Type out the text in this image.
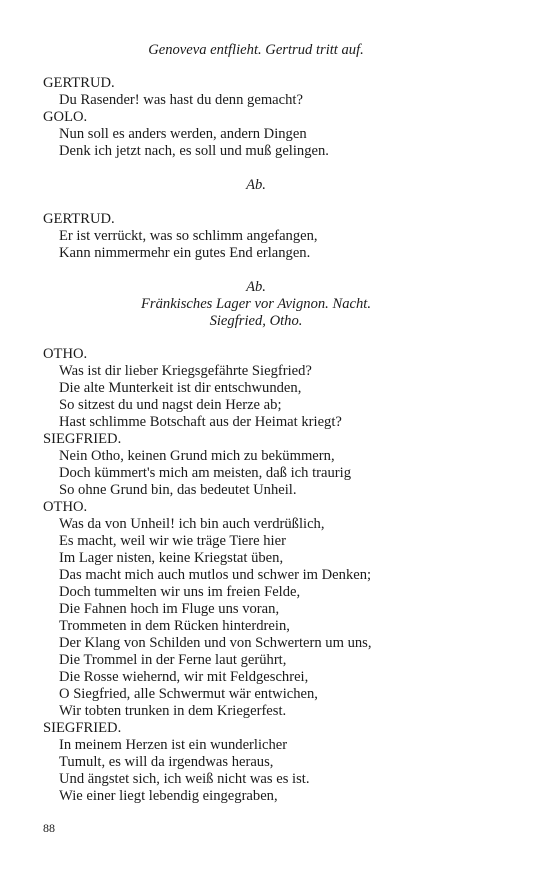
Genoveva entflieht. Gertrud tritt auf.
GERTRUD.
Du Rasender! was hast du denn gemacht?
GOLO.
Nun soll es anders werden, andern Dingen
Denk ich jetzt nach, es soll und muß gelingen.
Ab.
GERTRUD.
Er ist verrückt, was so schlimm angefangen,
Kann nimmermehr ein gutes End erlangen.
Ab.
Fränkisches Lager vor Avignon. Nacht.
Siegfried, Otho.
OTHO.
Was ist dir lieber Kriegsgefährte Siegfried?
Die alte Munterkeit ist dir entschwunden,
So sitzest du und nagst dein Herze ab;
Hast schlimme Botschaft aus der Heimat kriegt?
SIEGFRIED.
Nein Otho, keinen Grund mich zu bekümmern,
Doch kümmert's mich am meisten, daß ich traurig
So ohne Grund bin, das bedeutet Unheil.
OTHO.
Was da von Unheil! ich bin auch verdrüßlich,
Es macht, weil wir wie träge Tiere hier
Im Lager nisten, keine Kriegstat üben,
Das macht mich auch mutlos und schwer im Denken;
Doch tummelten wir uns im freien Felde,
Die Fahnen hoch im Fluge uns voran,
Trommeten in dem Rücken hinterdrein,
Der Klang von Schilden und von Schwertern um uns,
Die Trommel in der Ferne laut gerührt,
Die Rosse wiehernd, wir mit Feldgeschrei,
O Siegfried, alle Schwermut wär entwichen,
Wir tobten trunken in dem Kriegerfest.
SIEGFRIED.
In meinem Herzen ist ein wunderlicher
Tumult, es will da irgendwas heraus,
Und ängstet sich, ich weiß nicht was es ist.
Wie einer liegt lebendig eingegraben,
88
